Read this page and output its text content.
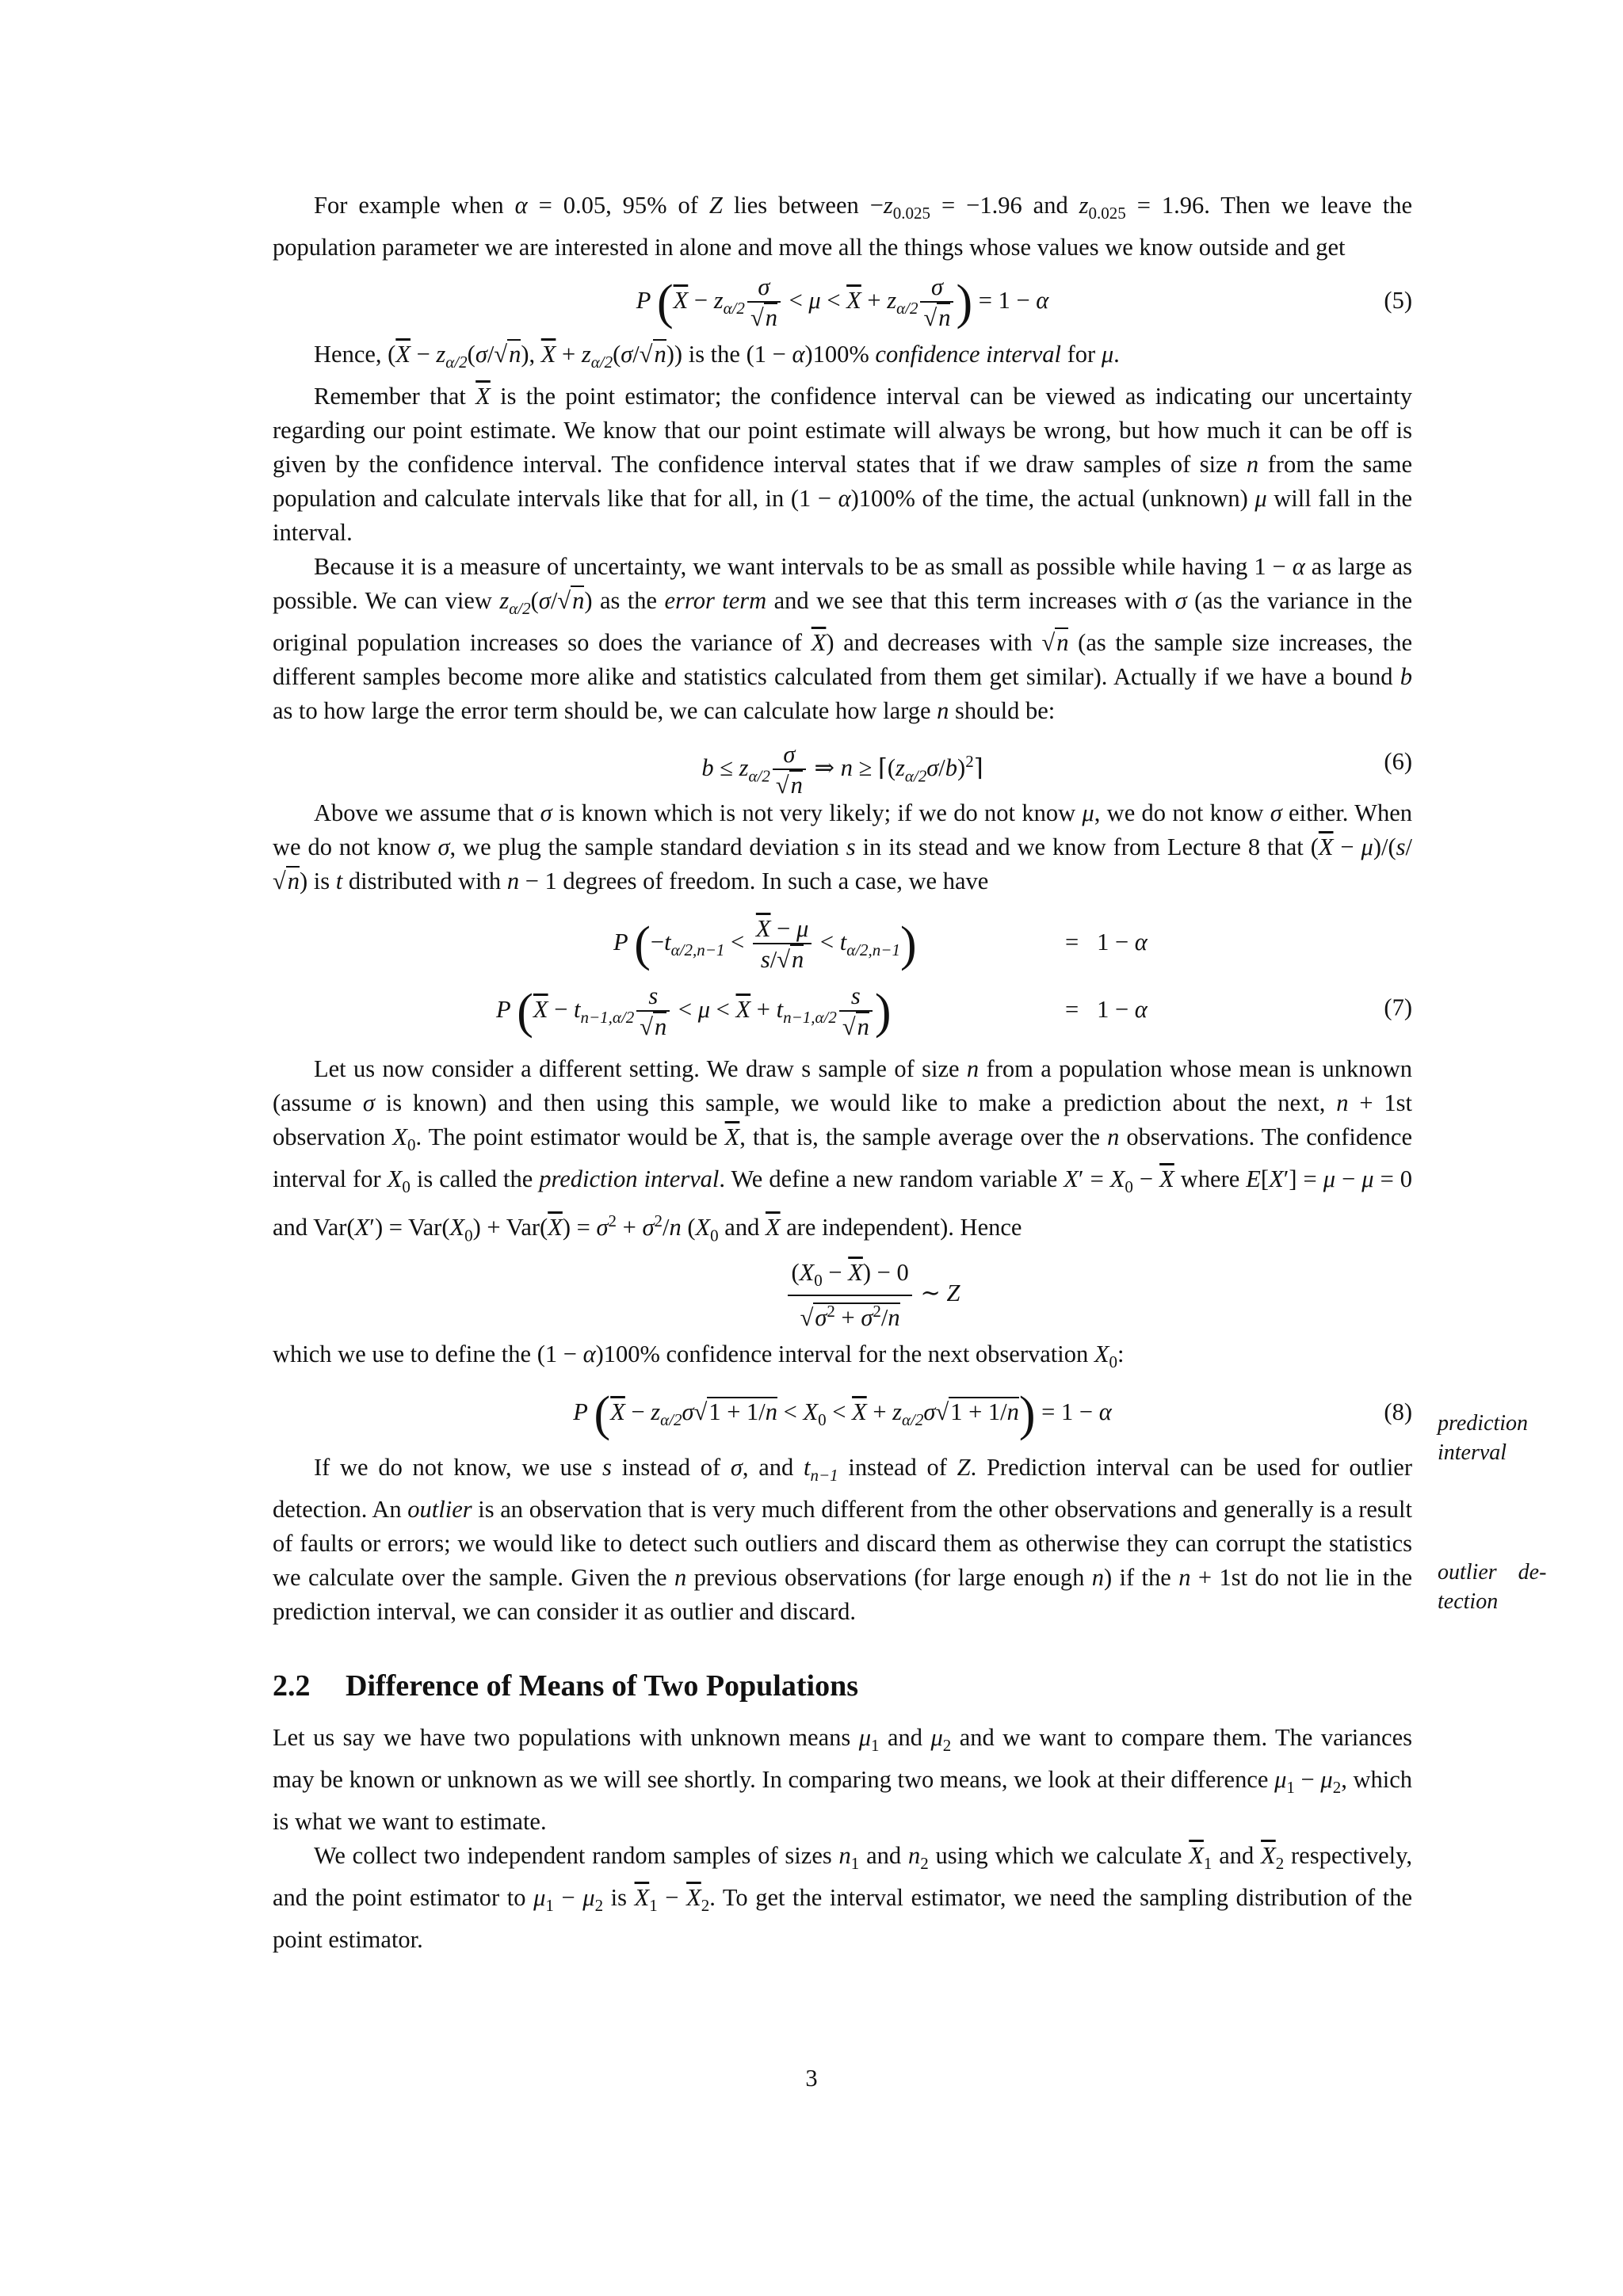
For example when α = 0.05, 95% of Z lies between $-z_{0.025} = -1.96$ and $z_{0.025} = 1.96$. Then we leave the population parameter we are interested in alone and move all the things whose values we know outside and get

P ($\overline{X} - z_{\alpha/2} \frac{\sigma}{√n} < \mu < \overline{X} + z_{\alpha/2} \frac{\sigma}{√n}$ ) = 1 − α	(5)

Hence, ($\overline{X} - z_{\alpha/2}(\sigma/√n)$, $\overline{X} + z_{\alpha/2}(\sigma/√n)$) is the (1 − α)100% confidence interval for μ.

Remember that $\overline{X}$ is the point estimator; the confidence interval can be viewed as indicating our uncertainty regarding our point estimate. We know that our point estimate will always be wrong, but how much it can be off is given by the confidence interval. The confidence interval states that if we draw samples of size n from the same population and calculate intervals like that for all, in (1 − α)100% of the time, the actual (unknown) μ will fall in the interval.

Because it is a measure of uncertainty, we want intervals to be as small as possible while having 1 − α as large as possible. We can view $z_{\alpha/2}(\sigma/√n)$ as the error term and we see that this term increases with σ (as the variance in the original population increases so does the variance of $\overline{X}$) and decreases with √n (as the sample size increases, the different samples become more alike and statistics calculated from them get similar). Actually if we have a bound b as to how large the error term should be, we can calculate how large n should be:

$b \le z_{\alpha/2} \frac{\sigma}{√n}$ ⇒ $n \ge ⌈(z_{\alpha/2}\sigma/b)^2⌉$	(6)

Above we assume that σ is known which is not very likely; if we do not know μ, we do not know σ either. When we do not know σ, we plug the sample standard deviation s in its stead and we know from Lecture 8 that $(\overline{X} - \mu)/(s/√n)$ is t distributed with n − 1 degrees of freedom. In such a case, we have

P $(-t_{\alpha/2,n-1} < \frac{\overline{X} - \mu}{s/√n} < t_{\alpha/2,n-1})$	=   1 − α
P ($\overline{X} - t_{n-1,\alpha/2} \frac{s}{√n} < \mu < \overline{X} + t_{n-1,\alpha/2} \frac{s}{√n}$ )	=   1 − α	(7)

Let us now consider a different setting. We draw s sample of size n from a population whose mean is unknown (assume σ is known) and then using this sample, we would like to make a prediction about the next, n + 1st observation $X_0$. The point estimator would be $\overline{X}$, that is, the sample average over the n observations. The confidence interval for $X_0$ is called the prediction interval. We define a new random variable $X' = X_0 - \overline{X}$ where E[X′] = μ − μ = 0 and $Var(X') = Var(X_0) + Var(\overline{X}) = \sigma^2 + \sigma^2/n$ ($X_0$ and $\overline{X}$ are independent). Hence

$\frac{(X_0 - \overline{X}) - 0}{√\sigma^2 + \sigma^2/n}$ ∼ Z

which we use to define the (1 − α)100% confidence interval for the next observation $X_0$:

P $(\overline{X} - z_{\alpha/2}\sigma√1 + 1/n < X_0 < \overline{X} + z_{\alpha/2}\sigma√1 + 1/n) = 1 - \alpha$	(8)

If we do not know, we use s instead of σ, and $t_{n-1}$ instead of Z. Prediction interval can be used for outlier detection. An outlier is an observation that is very much different from the other observations and generally is a result of faults or errors; we would like to detect such outliers and discard them as otherwise they can corrupt the statistics we calculate over the sample. Given the n previous observations (for large enough n) if the n + 1st do not lie in the prediction interval, we can consider it as outlier and discard.

2.2 Difference of Means of Two Populations

Let us say we have two populations with unknown means $\mu_1$ and $\mu_2$ and we want to compare them. The variances may be known or unknown as we will see shortly. In comparing two means, we look at their difference $\mu_1 - \mu_2$, which is what we want to estimate.

We collect two independent random samples of sizes $n_1$ and $n_2$ using which we calculate $\overline{X}_1$ and $\overline{X}_2$ respectively, and the point estimator to $\mu_1 - \mu_2$ is $\overline{X}_1 - \overline{X}_2$. To get the interval estimator, we need the sampling distribution of the point estimator.

prediction interval
outlier de-
tection
3
